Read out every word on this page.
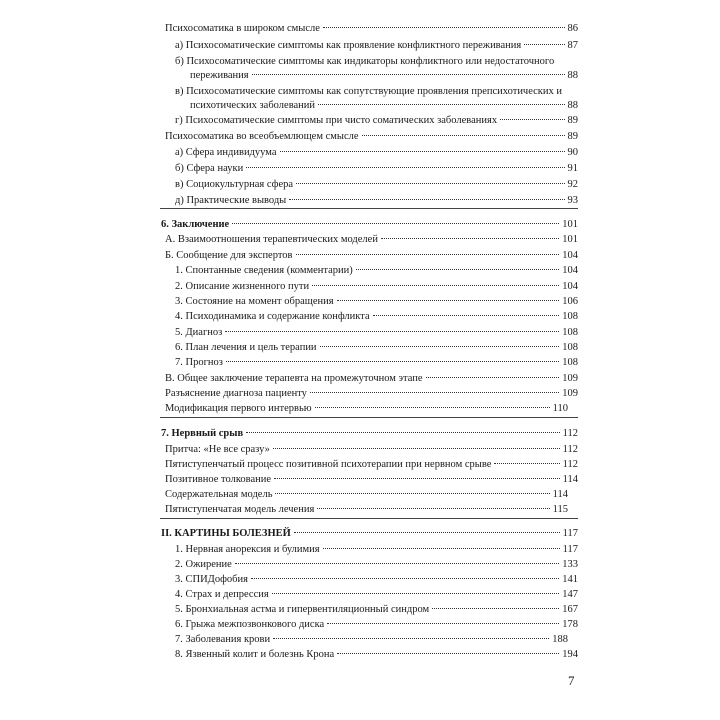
Психосоматика в широком смысле	86
а) Психосоматические симптомы как проявление конфликтного переживания	87
б) Психосоматические симптомы как индикаторы конфликтного или недостаточного
переживания	88
в) Психосоматические симптомы как сопутствующие проявления препсихотических и
психотических заболеваний	88
г) Психосоматические симптомы при чисто соматических заболеваниях	89
Психосоматика во всеобъемлющем смысле	89
а) Сфера индивидуума	90
б) Сфера науки	91
в) Социокультурная сфера	92
д) Практические выводы	93
6. Заключение	101
А. Взаимоотношения терапевтических моделей	101
Б. Сообщение для экспертов	104
1. Спонтанные сведения (комментарии)	104
2. Описание жизненного пути	104
3. Состояние на момент обращения	106
4. Психодинамика и содержание конфликта	108
5. Диагноз	108
6. План лечения и цель терапии	108
7. Прогноз	108
В. Общее заключение терапевта на промежуточном этапе	109
Разъяснение диагноза пациенту	109
Модификация первого интервью	110
7. Нервный срыв	112
Притча: «Не все сразу»	112
Пятиступенчатый процесс позитивной психотерапии при нервном срыве	112
Позитивное толкование	114
Содержательная модель	114
Пятиступенчатая модель лечения	115
II. КАРТИНЫ БОЛЕЗНЕЙ	117
1. Нервная анорексия и булимия	117
2. Ожирение	133
3. СПИДофобия	141
4. Страх и депрессия	147
5. Бронхиальная астма и гипервентиляционный синдром	167
6. Грыжа межпозвонкового диска	178
7. Заболевания крови	188
8. Язвенный колит и болезнь Крона	194
7
